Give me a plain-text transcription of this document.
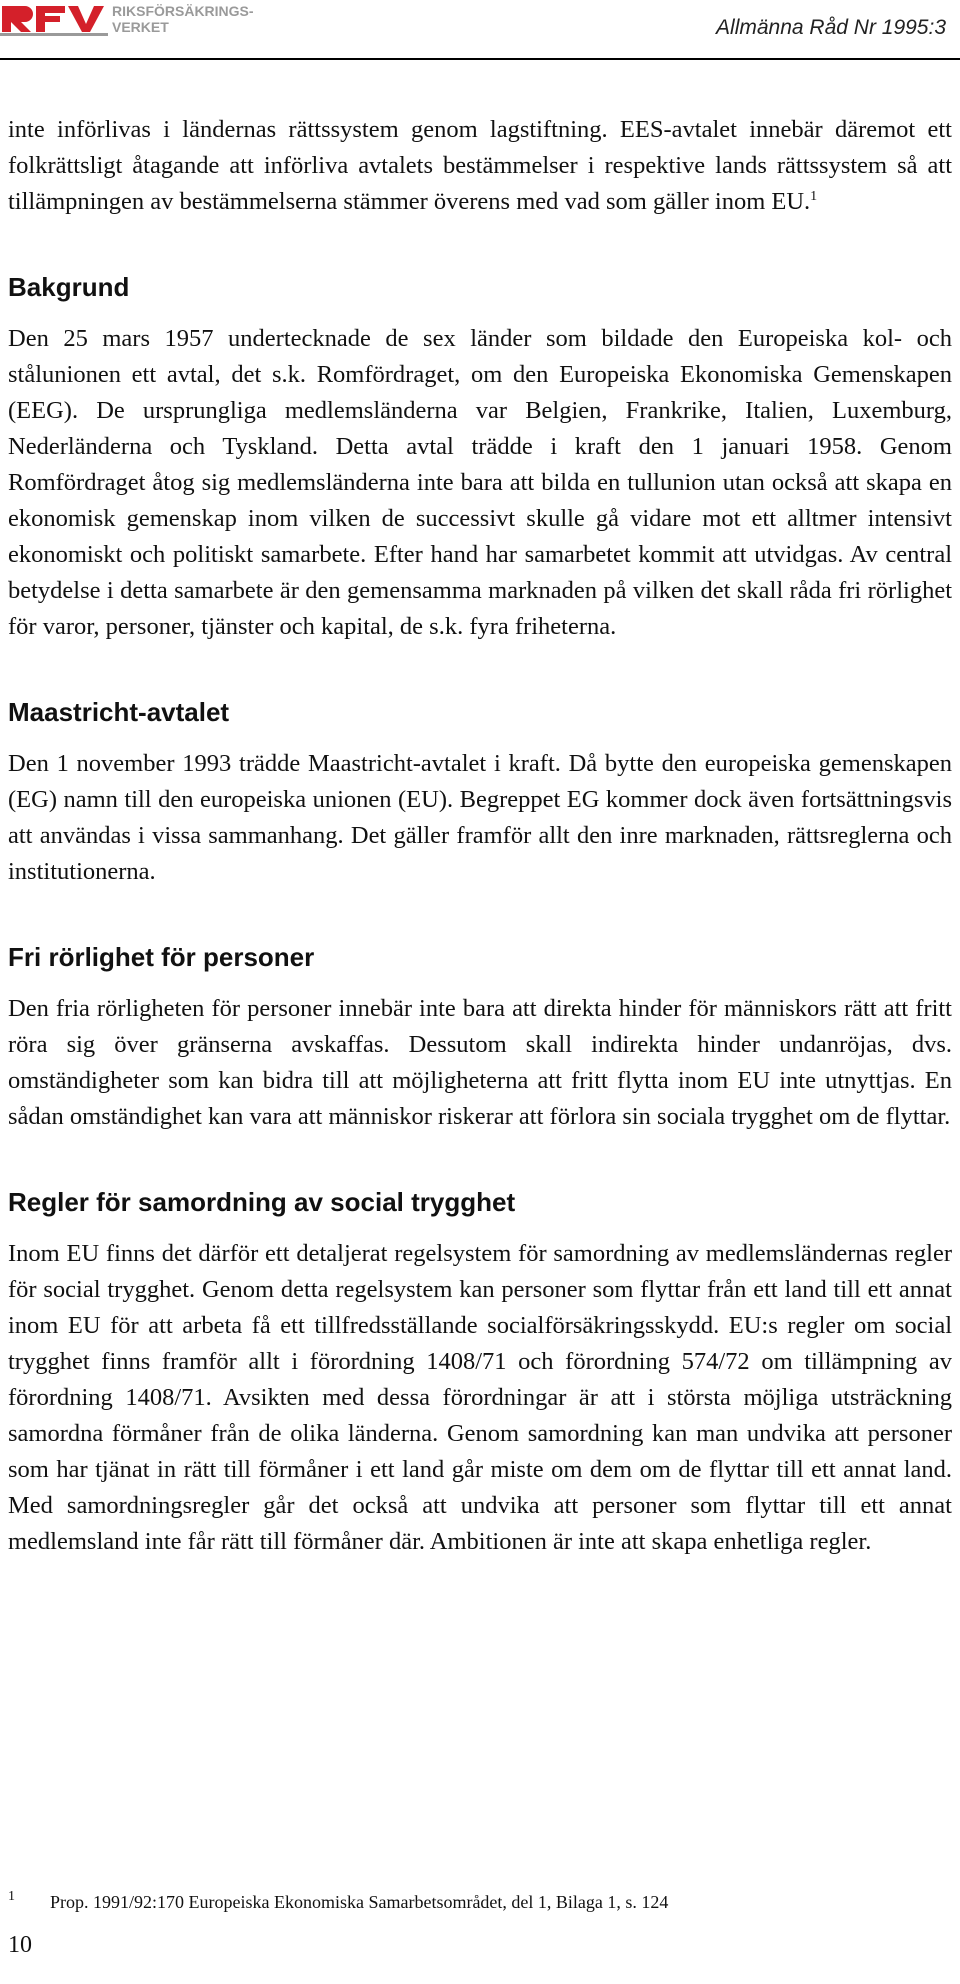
RIKSFÖRSÄKRINGS-
VERKET	Allmänna Råd Nr 1995:3

inte införlivas i ländernas rättssystem genom lagstiftning. EES-avtalet innebär däremot ett folkrättsligt åtagande att införliva avtalets bestämmelser i respektive lands rättssystem så att tillämpningen av bestämmelserna stämmer överens med vad som gäller inom EU.$^1$

Bakgrund

Den 25 mars 1957 undertecknade de sex länder som bildade den Europeiska kol- och stålunionen ett avtal, det s.k. Romfördraget, om den Europeiska Ekonomiska Gemenskapen (EEG). De ursprungliga medlemsländerna var Belgien, Frankrike, Italien, Luxemburg, Nederländerna och Tyskland. Detta avtal trädde i kraft den 1 januari 1958. Genom Romfördraget åtog sig medlemsländerna inte bara att bilda en tullunion utan också att skapa en ekonomisk gemenskap inom vilken de successivt skulle gå vidare mot ett alltmer intensivt ekonomiskt och politiskt samarbete. Efter hand har samarbetet kommit att utvidgas. Av central betydelse i detta samarbete är den gemensamma marknaden på vilken det skall råda fri rörlighet för varor, personer, tjänster och kapital, de s.k. fyra friheterna.

Maastricht-avtalet

Den 1 november 1993 trädde Maastricht-avtalet i kraft. Då bytte den europeiska gemenskapen (EG) namn till den europeiska unionen (EU). Begreppet EG kommer dock även fortsättningsvis att användas i vissa sammanhang. Det gäller framför allt den inre marknaden, rättsreglerna och institutionerna.

Fri rörlighet för personer

Den fria rörligheten för personer innebär inte bara att direkta hinder för människors rätt att fritt röra sig över gränserna avskaffas. Dessutom skall indirekta hinder undanröjas, dvs. omständigheter som kan bidra till att möjligheterna att fritt flytta inom EU inte utnyttjas. En sådan omständighet kan vara att människor riskerar att förlora sin sociala trygghet om de flyttar.

Regler för samordning av social trygghet

Inom EU finns det därför ett detaljerat regelsystem för samordning av medlemsländernas regler för social trygghet. Genom detta regelsystem kan personer som flyttar från ett land till ett annat inom EU för att arbeta få ett tillfredsställande socialförsäkringsskydd. EU:s regler om social trygghet finns framför allt i förordning 1408/71 och förordning 574/72 om tillämpning av förordning 1408/71. Avsikten med dessa förordningar är att i största möjliga utsträckning samordna förmåner från de olika länderna. Genom samordning kan man undvika att personer som har tjänat in rätt till förmåner i ett land går miste om dem om de flyttar till ett annat land. Med samordningsregler går det också att undvika att personer som flyttar till ett annat medlemsland inte får rätt till förmåner där. Ambitionen är inte att skapa enhetliga regler.

1 Prop. 1991/92:170 Europeiska Ekonomiska Samarbetsområdet, del 1, Bilaga 1, s. 124
10
